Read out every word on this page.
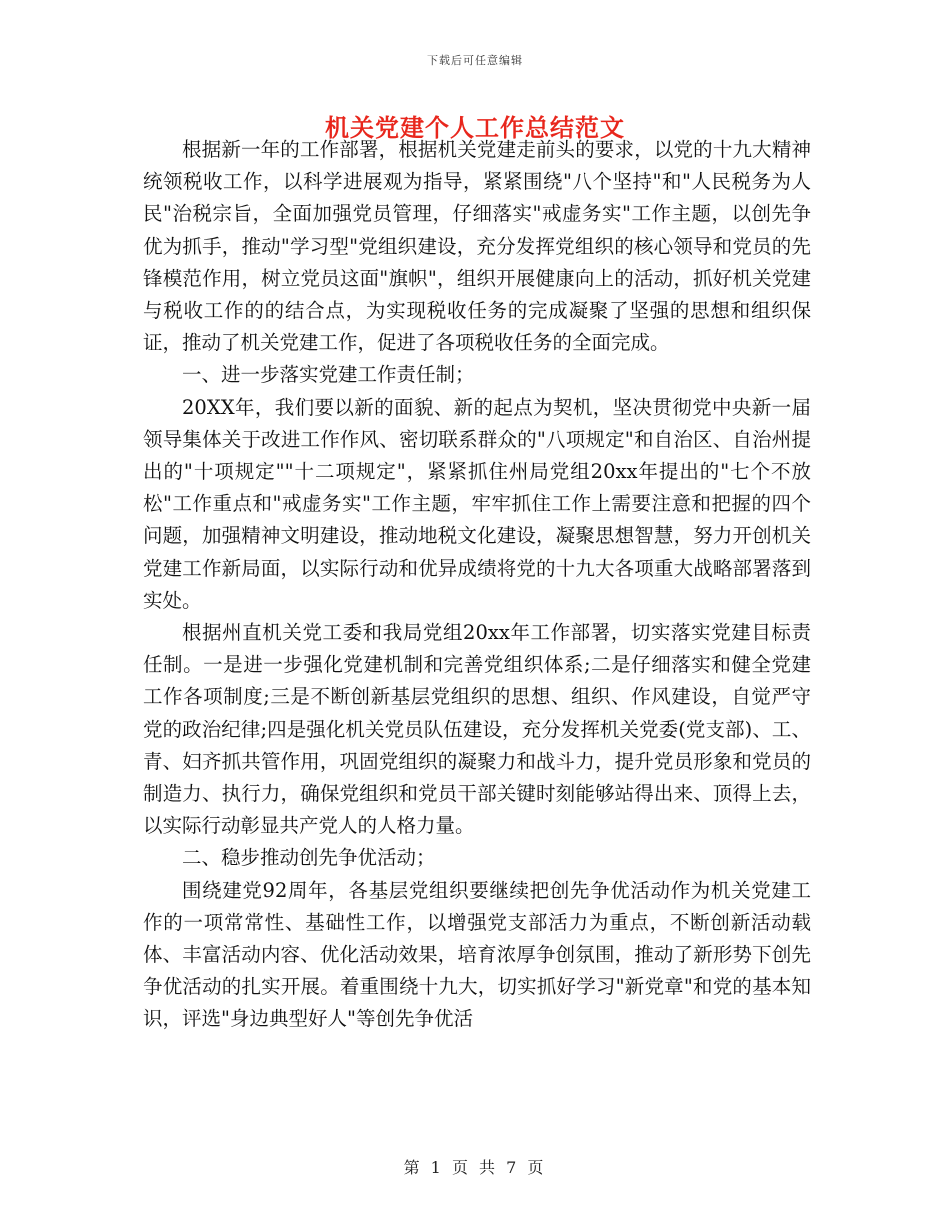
下载后可任意编辑
机关党建个人工作总结范文

根据新一年的工作部署，根据机关党建走前头的要求，以党的十九大精神统领税收工作，以科学进展观为指导，紧紧围绕"八个坚持"和"人民税务为人民"治税宗旨，全面加强党员管理，仔细落实"戒虚务实"工作主题，以创先争优为抓手，推动"学习型"党组织建设，充分发挥党组织的核心领导和党员的先锋模范作用，树立党员这面"旗帜"，组织开展健康向上的活动，抓好机关党建与税收工作的的结合点，为实现税收任务的完成凝聚了坚强的思想和组织保证，推动了机关党建工作，促进了各项税收任务的全面完成。

一、进一步落实党建工作责任制；

20XX年，我们要以新的面貌、新的起点为契机，坚决贯彻党中央新一届领导集体关于改进工作作风、密切联系群众的"八项规定"和自治区、自治州提出的"十项规定""十二项规定"，紧紧抓住州局党组20xx年提出的"七个不放松"工作重点和"戒虚务实"工作主题，牢牢抓住工作上需要注意和把握的四个问题，加强精神文明建设，推动地税文化建设，凝聚思想智慧，努力开创机关党建工作新局面，以实际行动和优异成绩将党的十九大各项重大战略部署落到实处。

根据州直机关党工委和我局党组20xx年工作部署，切实落实党建目标责任制。一是进一步强化党建机制和完善党组织体系;二是仔细落实和健全党建工作各项制度;三是不断创新基层党组织的思想、组织、作风建设，自觉严守党的政治纪律;四是强化机关党员队伍建设，充分发挥机关党委(党支部)、工、青、妇齐抓共管作用，巩固党组织的凝聚力和战斗力，提升党员形象和党员的制造力、执行力，确保党组织和党员干部关键时刻能够站得出来、顶得上去，以实际行动彰显共产党人的人格力量。

二、稳步推动创先争优活动；

围绕建党92周年，各基层党组织要继续把创先争优活动作为机关党建工作的一项常常性、基础性工作，以增强党支部活力为重点，不断创新活动载体、丰富活动内容、优化活动效果，培育浓厚争创氛围，推动了新形势下创先争优活动的扎实开展。着重围绕十九大，切实抓好学习"新党章"和党的基本知识，评选"身边典型好人"等创先争优活

第 1 页 共 7 页
